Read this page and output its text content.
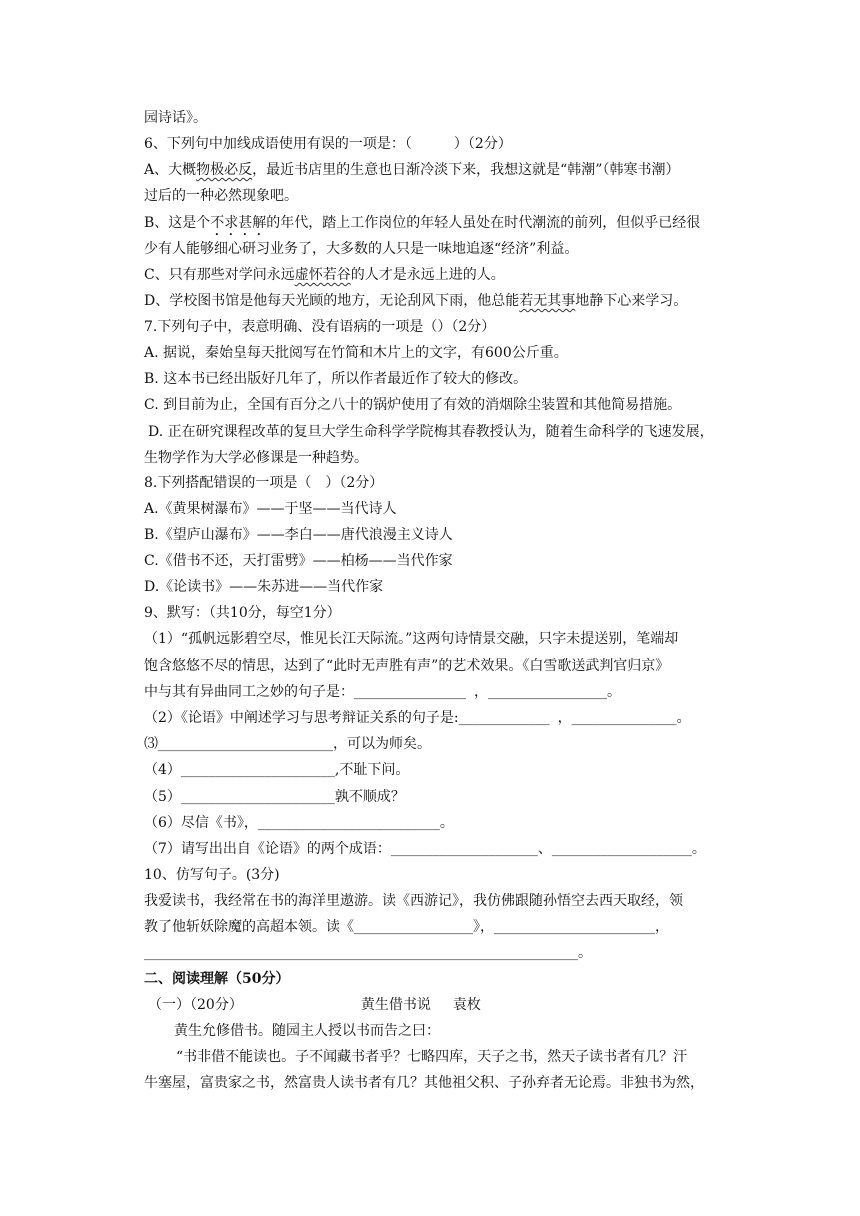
园诗话》。
6、下列句中加线成语使用有误的一项是：（　　　）（2分）
A、大概物极必反，最近书店里的生意也日渐冷淡下来，我想这就是“韩潮”（韩寒书潮）
过后的一种必然现象吧。
B、这是个不求甚解的年代，踏上工作岗位的年轻人虽处在时代潮流的前列，但似乎已经很
少有人能够细心研习业务了，大多数的人只是一味地追逐“经济”利益。
C、只有那些对学问永远虚怀若谷的人才是永远上进的人。
D、学校图书馆是他每天光顾的地方，无论刮风下雨，他总能若无其事地静下心来学习。
7.下列句子中，表意明确、没有语病的一项是（）（2分）
A. 据说，秦始皇每天批阅写在竹简和木片上的文字，有600公斤重。
B. 这本书已经出版好几年了，所以作者最近作了较大的修改。
C. 到目前为止，全国有百分之八十的锅炉使用了有效的消烟除尘装置和其他简易措施。
D. 正在研究课程改革的复旦大学生命科学学院梅其春教授认为，随着生命科学的飞速发展，
生物学作为大学必修课是一种趋势。
8.下列搭配错误的一项是（　）（2分）
A.《黄果树瀑布》——于坚——当代诗人
B.《望庐山瀑布》——李白——唐代浪漫主义诗人
C.《借书不还，天打雷劈》——柏杨——当代作家
D.《论读书》——朱苏进——当代作家
9、默写：（共10分，每空1分）
（1）“孤帆远影碧空尽，惟见长江天际流。”这两句诗情景交融，只字未提送别，笔端却
饱含悠悠不尽的情思，达到了“此时无声胜有声”的艺术效果。《白雪歌送武判官归京》
中与其有异曲同工之妙的句子是：________________ ，_________________。
（2）《论语》中阐述学习与思考辩证关系的句子是:_____________ ，_______________。
⑶_________________________，可以为师矣。
（4）______________________,不耻下问。
（5）______________________孰不顺成？
（6）尽信《书》，__________________________。
（7）请写出出自《论语》的两个成语：_____________________、____________________。
10、仿写句子。(3分)
我爱读书，我经常在书的海洋里遨游。读《西游记》，我仿佛跟随孙悟空去西天取经，领
教了他斩妖除魔的高超本领。读《_________________》，_______________________，
______________________________________________________________。
二、阅读理解（50分）
（一）（20分）	黄生借书说 袁枚
黄生允修借书。随园主人授以书而告之曰：
“书非借不能读也。子不闻藏书者乎？七略四库，天子之书，然天子读书者有几？汗
牛塞屋，富贵家之书，然富贵人读书者有几？其他祖父积、子孙弃者无论焉。非独书为然，
